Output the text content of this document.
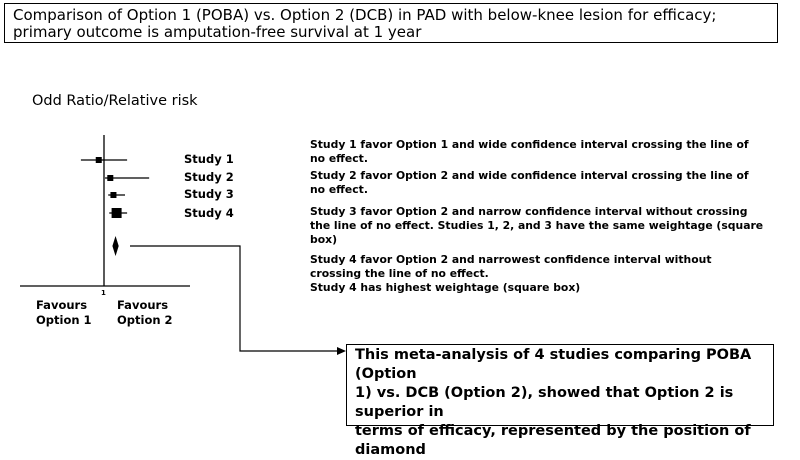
Comparison of Option 1 (POBA) vs. Option 2 (DCB) in PAD with below-knee lesion for efficacy;
primary outcome is amputation-free survival at 1 year
Odd Ratio/Relative risk
1
Study 1
Study 2
Study 3
Study 4
Favours
Option 1
Favours
Option 2

Study 1 favor Option 1 and wide confidence interval crossing the line of

no effect.

Study 2 favor Option 2 and wide confidence interval crossing the line of

no effect.

Study 3 favor Option 2 and narrow confidence interval without crossing

the line of no effect. Studies 1, 2, and 3 have the same weightage (square box)

Study 4 favor Option 2 and narrowest confidence interval without

crossing the line of no effect.

Study 4 has highest weightage (square box)

This meta-analysis of 4 studies comparing POBA (Option
1) vs. DCB (Option 2), showed that Option 2 is superior in
terms of efficacy, represented by the position of
diamond
